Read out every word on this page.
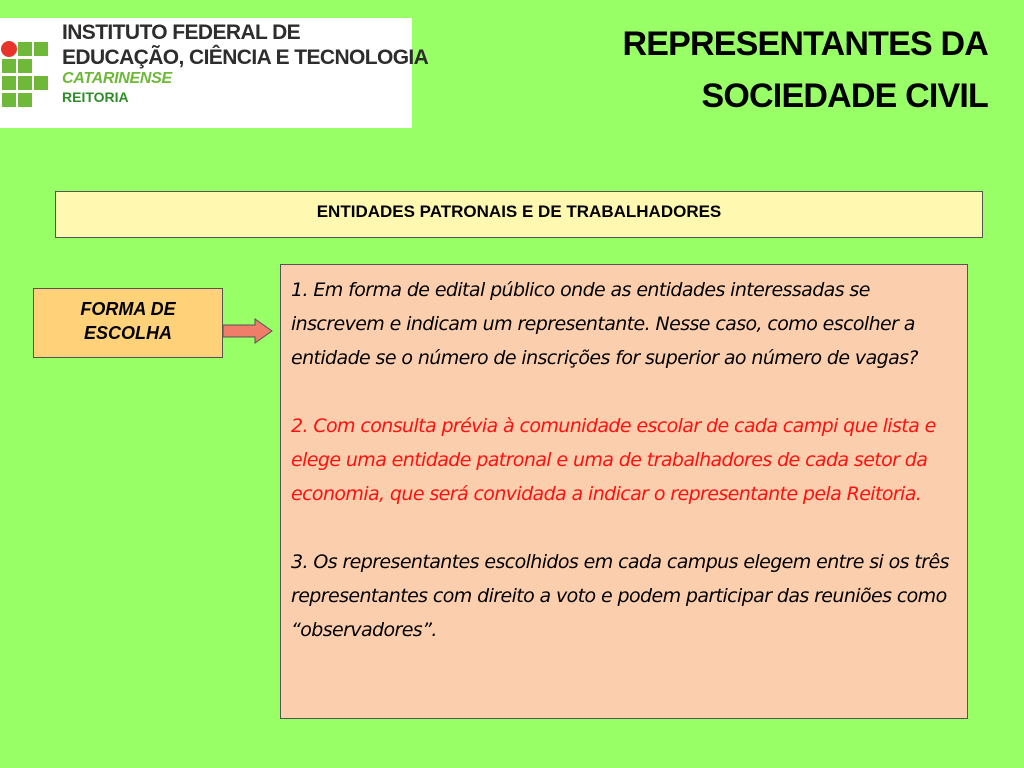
INSTITUTO FEDERAL DE
EDUCAÇÃO, CIÊNCIA E TECNOLOGIA
CATARINENSE
REITORIA
REPRESENTANTES DA
SOCIEDADE CIVIL
ENTIDADES PATRONAIS E DE TRABALHADORES
FORMA DE
ESCOLHA

1. Em forma de edital público onde as entidades interessadas se inscrevem e indicam um representante. Nesse caso, como escolher a entidade se o número de inscrições for superior ao número de vagas?

2. Com consulta prévia à comunidade escolar de cada campi que lista e elege uma entidade patronal e uma de trabalhadores de cada setor da economia, que será convidada a indicar o representante pela Reitoria.

3. Os representantes escolhidos em cada campus elegem entre si os três representantes com direito a voto e podem participar das reuniões como “observadores”.
